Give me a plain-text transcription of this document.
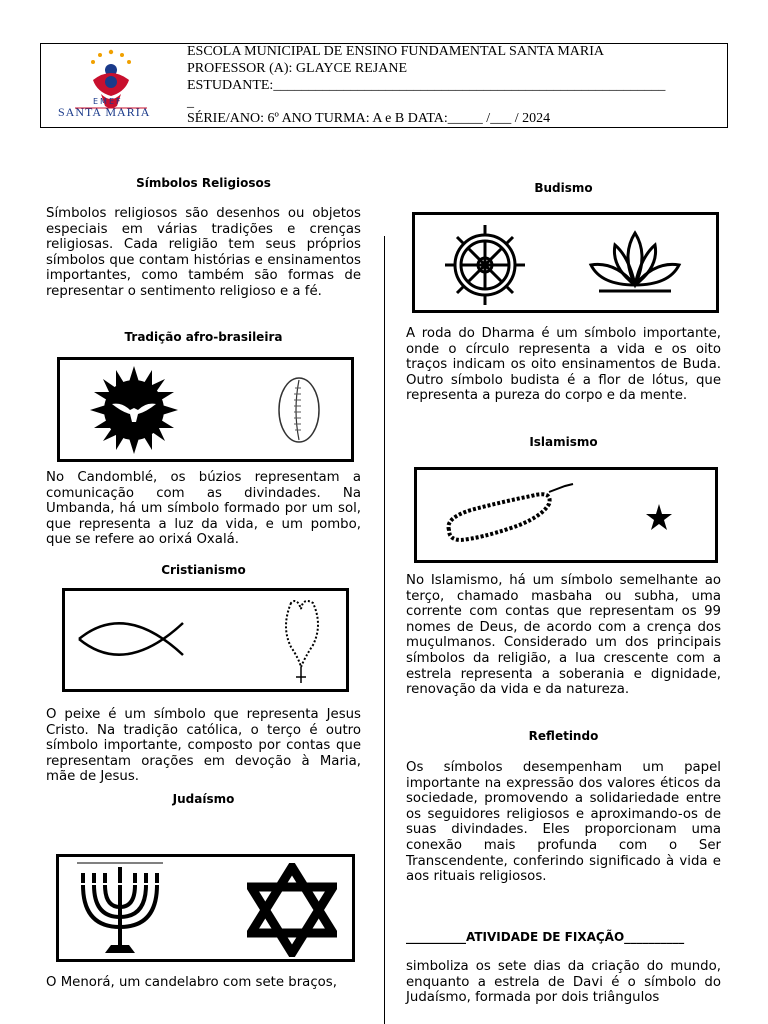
EMEF
SANTA MARIA
ESCOLA MUNICIPAL DE ENSINO FUNDAMENTAL SANTA MARIA
PROFESSOR (A): GLAYCE REJANE
ESTUDANTE:________________________________________________________
_
SÉRIE/ANO: 6º ANO TURMA: A e B DATA:_____ /___ / 2024
Símbolos Religiosos

Símbolos religiosos são desenhos ou objetos especiais em várias tradições e crenças religiosas. Cada religião tem seus próprios símbolos que contam histórias e ensinamentos importantes, como também são formas de representar o sentimento religioso e a fé.

Tradição afro-brasileira

No Candomblé, os búzios representam a comunicação com as divindades. Na Umbanda, há um símbolo formado por um sol, que representa a luz da vida, e um pombo, que se refere ao orixá Oxalá.

Cristianismo

O peixe é um símbolo que representa Jesus Cristo. Na tradição católica, o terço é outro símbolo importante, composto por contas que representam orações em devoção à Maria, mãe de Jesus.

Judaísmo

O Menorá, um candelabro com sete braços,

Budismo

A roda do Dharma é um símbolo importante, onde o círculo representa a vida e os oito traços indicam os oito ensinamentos de Buda. Outro símbolo budista é a flor de lótus, que representa a pureza do corpo e da mente.

Islamismo

No Islamismo, há um símbolo semelhante ao terço, chamado masbaha ou subha, uma corrente com contas que representam os 99 nomes de Deus, de acordo com a crença dos muçulmanos. Considerado um dos principais símbolos da religião, a lua crescente com a estrela representa a soberania e dignidade, renovação da vida e da natureza.

Refletindo

Os símbolos desempenham um papel importante na expressão dos valores éticos da sociedade, promovendo a solidariedade entre os seguidores religiosos e aproximando-os de suas divindades. Eles proporcionam uma conexão mais profunda com o Ser Transcendente, conferindo significado à vida e aos rituais religiosos.

__________ATIVIDADE DE FIXAÇÃO__________

simboliza os sete dias da criação do mundo, enquanto a estrela de Davi é o símbolo do Judaísmo, formada por dois triângulos
